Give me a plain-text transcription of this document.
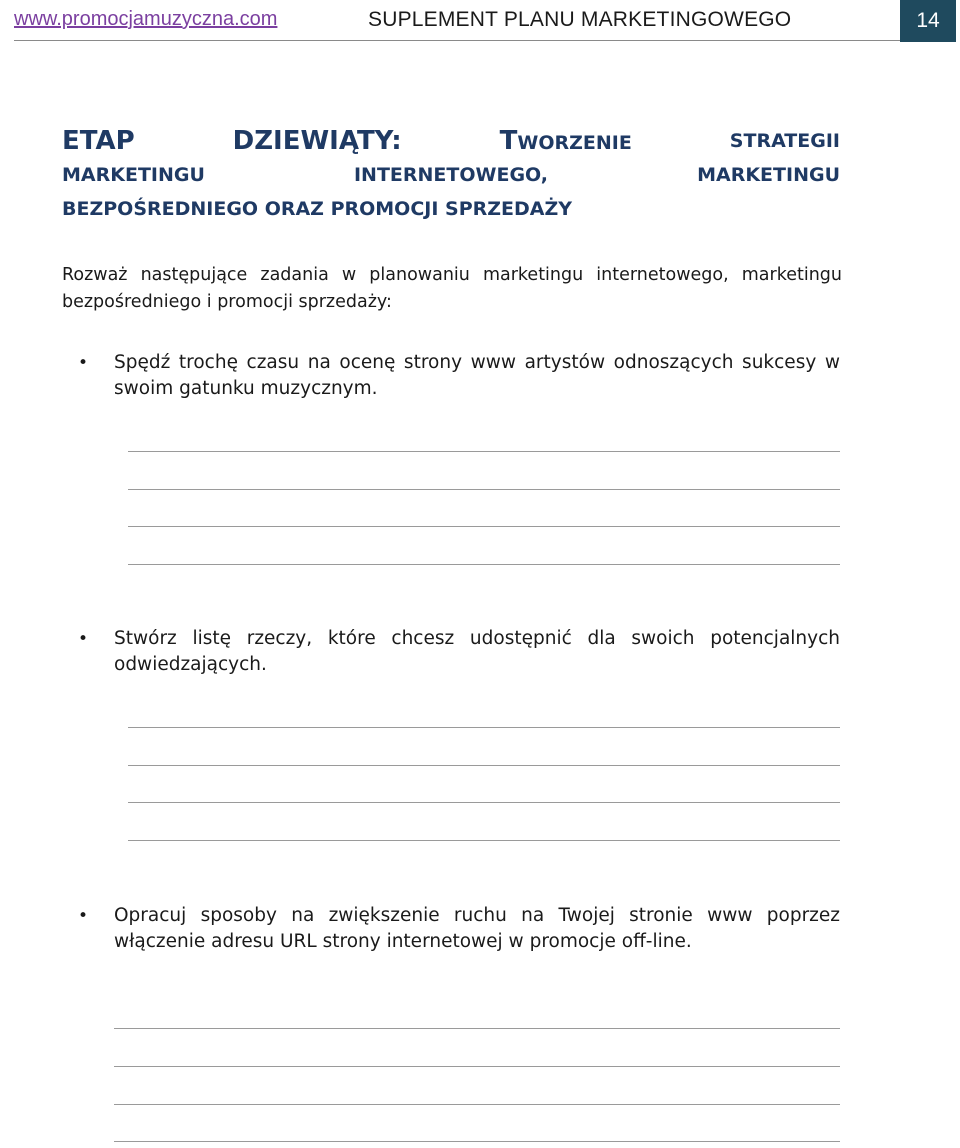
www.promocjamuzyczna.com	SUPLEMENT PLANU MARKETINGOWEGO	14
ETAP	DZIEWIĄTY:	TWORZENIE	STRATEGII
MARKETINGU	INTERNETOWEGO,	MARKETINGU
BEZPOŚREDNIEGO ORAZ PROMOCJI SPRZEDAŻY
Rozważ następujące zadania w planowaniu marketingu internetowego, marketingu bezpośredniego i promocji sprzedaży:
• Spędź trochę czasu na ocenę strony www artystów odnoszących sukcesy w swoim gatunku muzycznym.
• Stwórz listę rzeczy, które chcesz udostępnić dla swoich potencjalnych odwiedzających.
• Opracuj sposoby na zwiększenie ruchu na Twojej stronie www poprzez włączenie adresu URL strony internetowej w promocje off-line.
